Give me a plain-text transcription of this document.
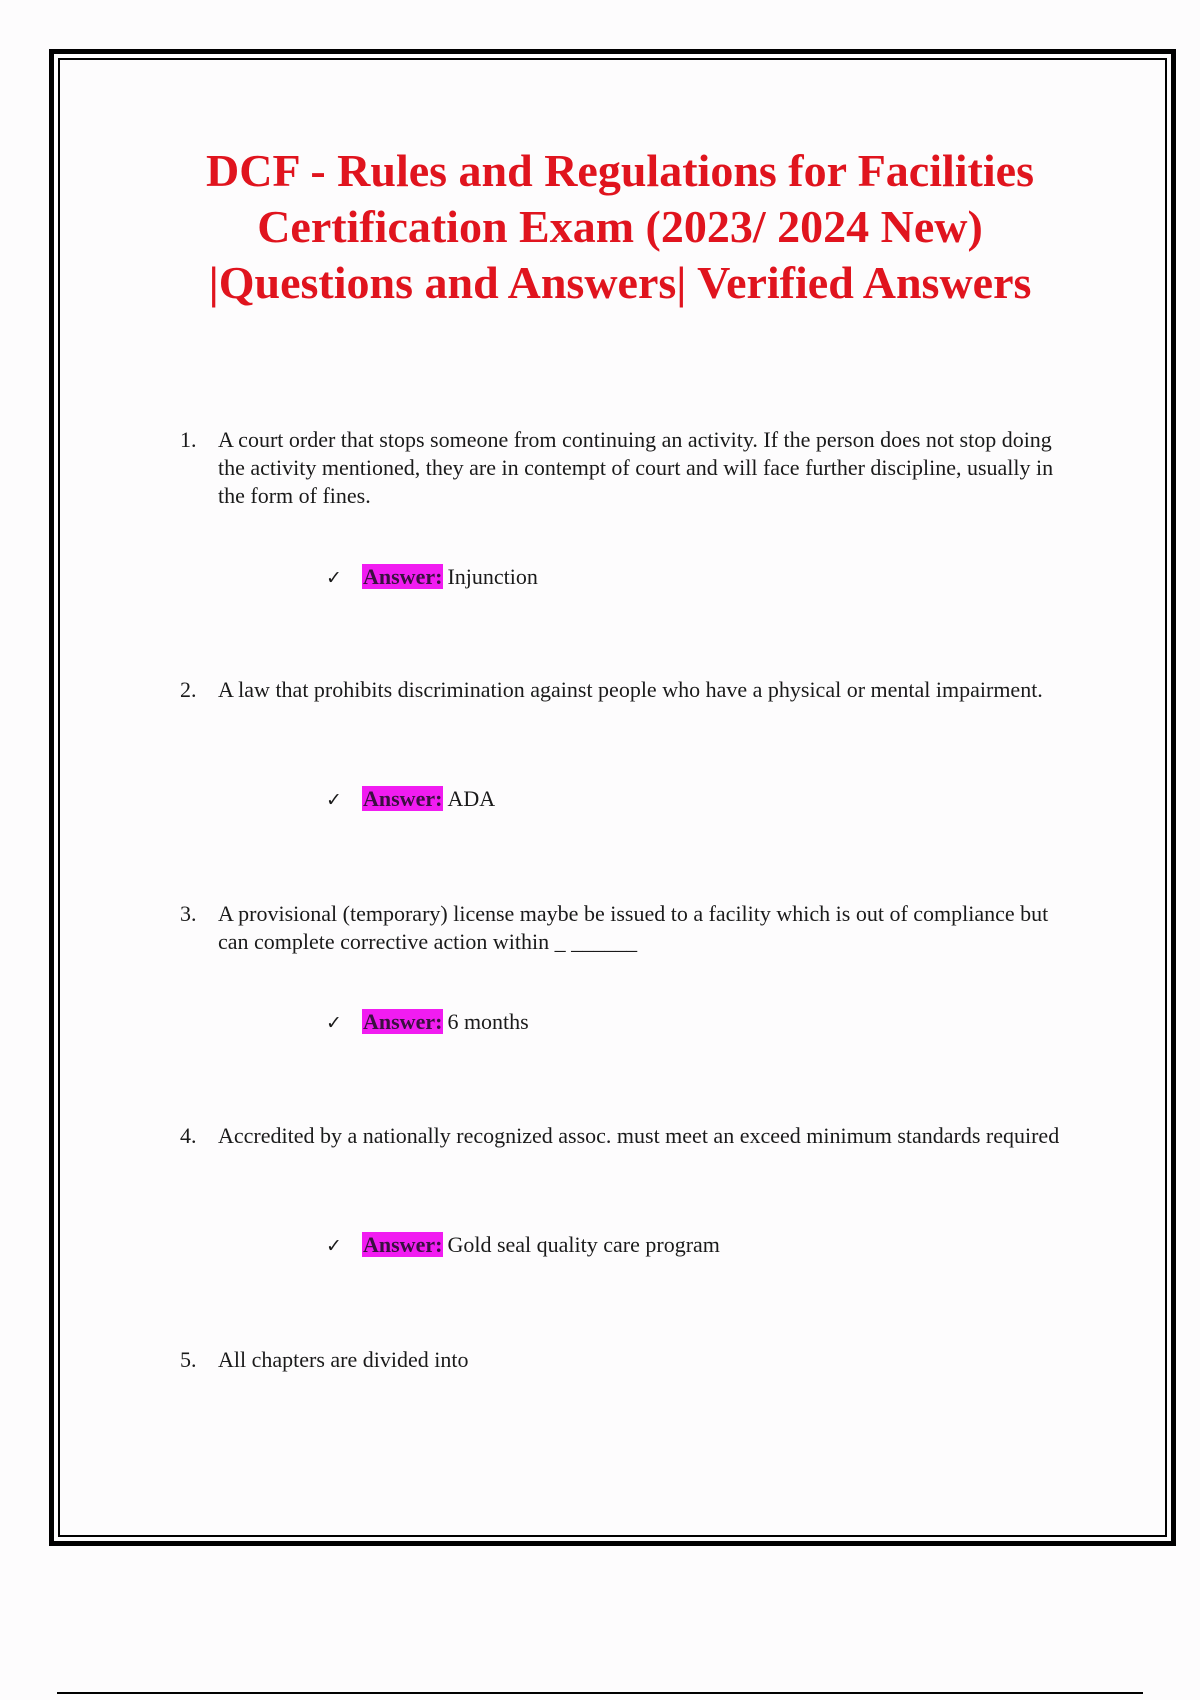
DCF - Rules and Regulations for Facilities
Certification Exam (2023/ 2024 New)
|Questions and Answers| Verified Answers
1. A court order that stops someone from continuing an activity. If the person does not stop doing the activity mentioned, they are in contempt of court and will face further discipline, usually in the form of fines.
✓ Answer: Injunction
2. A law that prohibits discrimination against people who have a physical or mental impairment.
✓ Answer: ADA
3. A provisional (temporary) license maybe be issued to a facility which is out of compliance but can complete corrective action within _ ______
✓ Answer: 6 months
4. Accredited by a nationally recognized assoc. must meet an exceed minimum standards required
✓ Answer: Gold seal quality care program
5. All chapters are divided into
